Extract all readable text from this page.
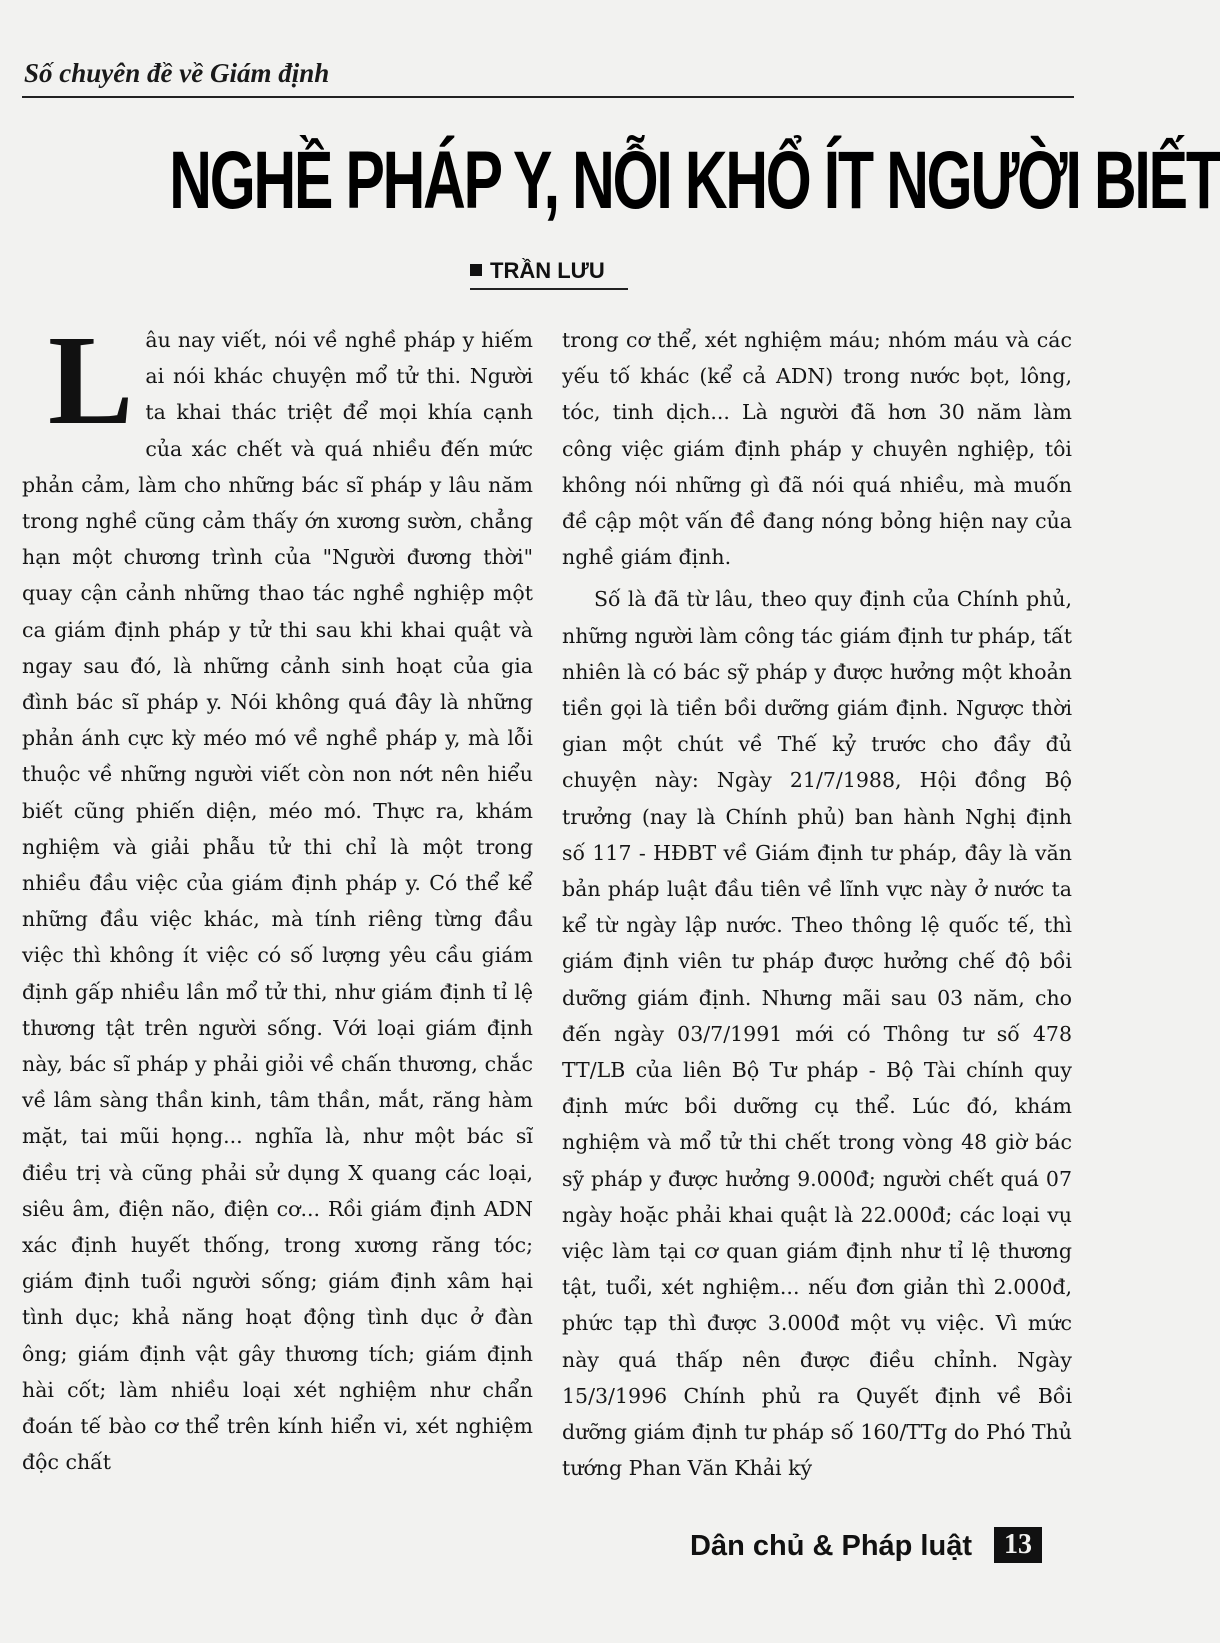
Số chuyên đề về Giám định
NGHỀ PHÁP Y, NỖI KHỔ ÍT NGƯỜI BIẾT
TRẦN LƯU

Lâu nay viết, nói về nghề pháp y hiếm ai nói khác chuyện mổ tử thi. Người ta khai thác triệt để mọi khía cạnh của xác chết và quá nhiều đến mức phản cảm, làm cho những bác sĩ pháp y lâu năm trong nghề cũng cảm thấy ớn xương sườn, chẳng hạn một chương trình của "Người đương thời" quay cận cảnh những thao tác nghề nghiệp một ca giám định pháp y tử thi sau khi khai quật và ngay sau đó, là những cảnh sinh hoạt của gia đình bác sĩ pháp y. Nói không quá đây là những phản ánh cực kỳ méo mó về nghề pháp y, mà lỗi thuộc về những người viết còn non nớt nên hiểu biết cũng phiến diện, méo mó. Thực ra, khám nghiệm và giải phẫu tử thi chỉ là một trong nhiều đầu việc của giám định pháp y. Có thể kể những đầu việc khác, mà tính riêng từng đầu việc thì không ít việc có số lượng yêu cầu giám định gấp nhiều lần mổ tử thi, như giám định tỉ lệ thương tật trên người sống. Với loại giám định này, bác sĩ pháp y phải giỏi về chấn thương, chắc về lâm sàng thần kinh, tâm thần, mắt, răng hàm mặt, tai mũi họng... nghĩa là, như một bác sĩ điều trị và cũng phải sử dụng X quang các loại, siêu âm, điện não, điện cơ... Rồi giám định ADN xác định huyết thống, trong xương răng tóc; giám định tuổi người sống; giám định xâm hại tình dục; khả năng hoạt động tình dục ở đàn ông; giám định vật gây thương tích; giám định hài cốt; làm nhiều loại xét nghiệm như chẩn đoán tế bào cơ thể trên kính hiển vi, xét nghiệm độc chất

trong cơ thể, xét nghiệm máu; nhóm máu và các yếu tố khác (kể cả ADN) trong nước bọt, lông, tóc, tinh dịch... Là người đã hơn 30 năm làm công việc giám định pháp y chuyên nghiệp, tôi không nói những gì đã nói quá nhiều, mà muốn đề cập một vấn đề đang nóng bỏng hiện nay của nghề giám định.

Số là đã từ lâu, theo quy định của Chính phủ, những người làm công tác giám định tư pháp, tất nhiên là có bác sỹ pháp y được hưởng một khoản tiền gọi là tiền bồi dưỡng giám định. Ngược thời gian một chút về Thế kỷ trước cho đầy đủ chuyện này: Ngày 21/7/1988, Hội đồng Bộ trưởng (nay là Chính phủ) ban hành Nghị định số 117 - HĐBT về Giám định tư pháp, đây là văn bản pháp luật đầu tiên về lĩnh vực này ở nước ta kể từ ngày lập nước. Theo thông lệ quốc tế, thì giám định viên tư pháp được hưởng chế độ bồi dưỡng giám định. Nhưng mãi sau 03 năm, cho đến ngày 03/7/1991 mới có Thông tư số 478 TT/LB của liên Bộ Tư pháp - Bộ Tài chính quy định mức bồi dưỡng cụ thể. Lúc đó, khám nghiệm và mổ tử thi chết trong vòng 48 giờ bác sỹ pháp y được hưởng 9.000đ; người chết quá 07 ngày hoặc phải khai quật là 22.000đ; các loại vụ việc làm tại cơ quan giám định như tỉ lệ thương tật, tuổi, xét nghiệm... nếu đơn giản thì 2.000đ, phức tạp thì được 3.000đ một vụ việc. Vì mức này quá thấp nên được điều chỉnh. Ngày 15/3/1996 Chính phủ ra Quyết định về Bồi dưỡng giám định tư pháp số 160/TTg do Phó Thủ tướng Phan Văn Khải ký

Dân chủ & Pháp luật	13
